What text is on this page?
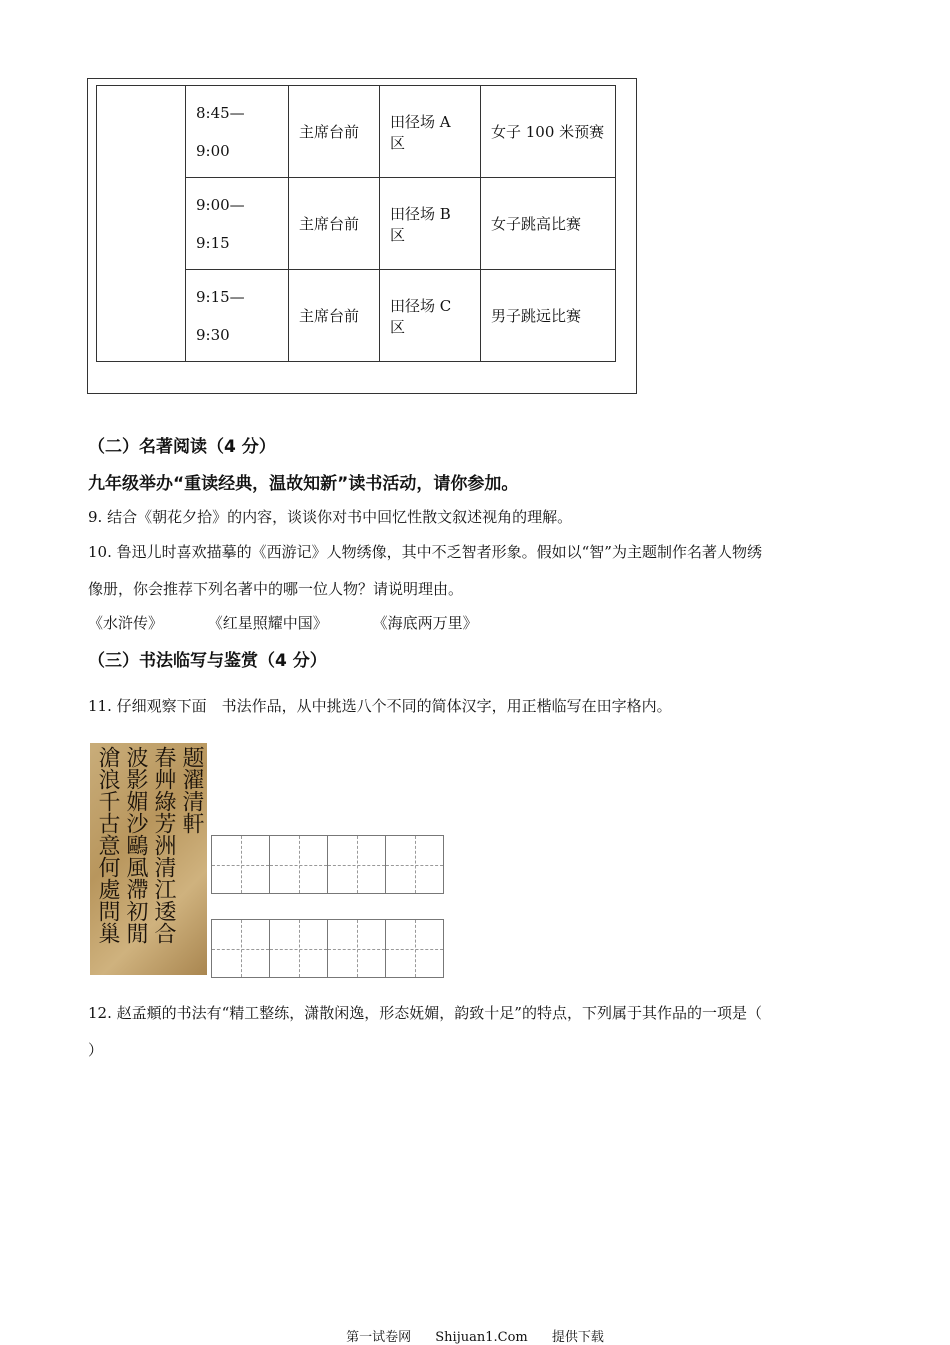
	8:45—
9:00	主席台前	田径场 A 区	女子 100 米预赛

	9:00—
9:15	主席台前	田径场 B 区	女子跳高比赛

	9:15—
9:30	主席台前	田径场 C 区	男子跳远比赛
（二）名著阅读（4 分）
九年级举办“重读经典，温故知新”读书活动，请你参加。
9. 结合《朝花夕拾》的内容，谈谈你对书中回忆性散文叙述视角的理解。
10. 鲁迅儿时喜欢描摹的《西游记》人物绣像，其中不乏智者形象。假如以“智”为主题制作名著人物绣
像册，你会推荐下列名著中的哪一位人物？请说明理由。
《水浒传》	《红星照耀中国》	《海底两万里》
（三）书法临写与鉴赏（4 分）
11. 仔细观察下面　书法作品，从中挑选八个不同的简体汉字，用正楷临写在田字格内。
题濯清軒
春艸綠芳洲清江逶合
波影媚沙鷗風滯初閒
滄浪千古意何處問巢
12. 赵孟頫的书法有“精工整练，潇散闲逸，形态妩媚，韵致十足”的特点，下列属于其作品的一项是（
）
第一试卷网 Shijuan1.Com 提供下载
